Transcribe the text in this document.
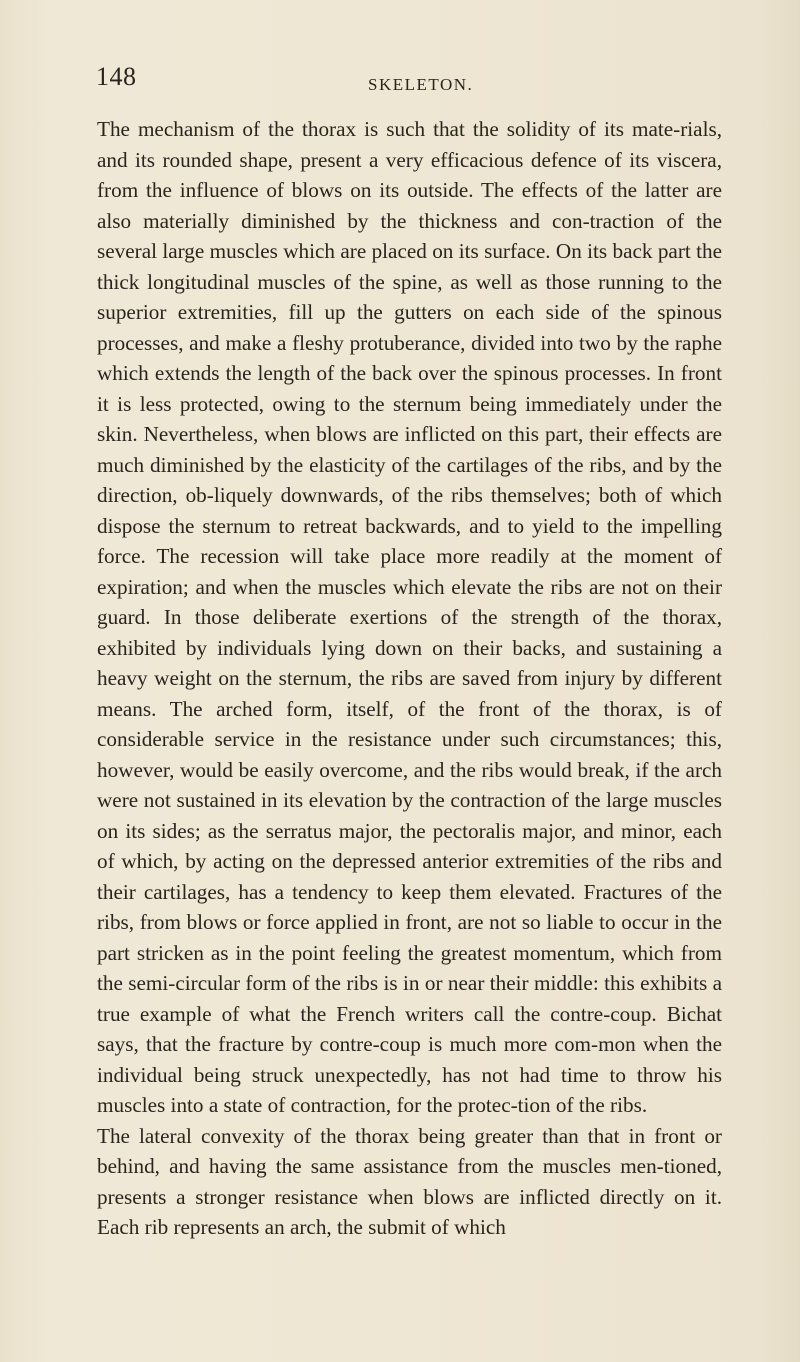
148	SKELETON.

The mechanism of the thorax is such that the solidity of its mate-rials, and its rounded shape, present a very efficacious defence of its viscera, from the influence of blows on its outside. The effects of the latter are also materially diminished by the thickness and con-traction of the several large muscles which are placed on its surface. On its back part the thick longitudinal muscles of the spine, as well as those running to the superior extremities, fill up the gutters on each side of the spinous processes, and make a fleshy protuberance, divided into two by the raphe which extends the length of the back over the spinous processes. In front it is less protected, owing to the sternum being immediately under the skin. Nevertheless, when blows are inflicted on this part, their effects are much diminished by the elasticity of the cartilages of the ribs, and by the direction, ob-liquely downwards, of the ribs themselves; both of which dispose the sternum to retreat backwards, and to yield to the impelling force. The recession will take place more readily at the moment of expiration; and when the muscles which elevate the ribs are not on their guard. In those deliberate exertions of the strength of the thorax, exhibited by individuals lying down on their backs, and sustaining a heavy weight on the sternum, the ribs are saved from injury by different means. The arched form, itself, of the front of the thorax, is of considerable service in the resistance under such circumstances; this, however, would be easily overcome, and the ribs would break, if the arch were not sustained in its elevation by the contraction of the large muscles on its sides; as the serratus major, the pectoralis major, and minor, each of which, by acting on the depressed anterior extremities of the ribs and their cartilages, has a tendency to keep them elevated. Fractures of the ribs, from blows or force applied in front, are not so liable to occur in the part stricken as in the point feeling the greatest momentum, which from the semi-circular form of the ribs is in or near their middle: this exhibits a true example of what the French writers call the contre-coup. Bichat says, that the fracture by contre-coup is much more com-mon when the individual being struck unexpectedly, has not had time to throw his muscles into a state of contraction, for the protec-tion of the ribs.

The lateral convexity of the thorax being greater than that in front or behind, and having the same assistance from the muscles men-tioned, presents a stronger resistance when blows are inflicted directly on it. Each rib represents an arch, the submit of which
